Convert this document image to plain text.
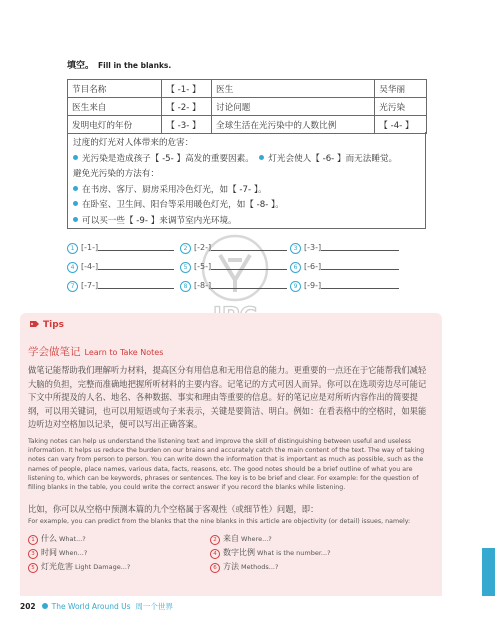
填空。 Fill in the blanks.
节目名称	【 -1- 】	医生	吴华丽
医生来自	【 -2- 】	讨论问题	光污染
发明电灯的年份	【 -3- 】	全球生活在光污染中的人数比例	【 -4- 】
过度的灯光对人体带来的危害：
光污染是造成孩子【 -5- 】高发的重要因素。 灯光会使人【 -6- 】而无法睡觉。
避免光污染的方法有：
在书房、客厅、厨房采用冷色灯光，如【 -7- 】。
在卧室、卫生间、阳台等采用暖色灯光，如【 -8- 】。
可以买一些【 -9- 】来调节室内光环境。
1 [-1-]	2 [-2-]	3 [-3-]
4 [-4-]	5 [-5-]	6 [-6-]
7 [-7-]	8 [-8-]	9 [-9-]
Tips
学会做笔记 Learn to Take Notes
做笔记能帮助我们理解听力材料，提高区分有用信息和无用信息的能力。更重要的一点还在于它能帮我们减轻大脑的负担，完整而准确地把握所听材料的主要内容。记笔记的方式可因人而异。你可以在选项旁边尽可能记下文中所提及的人名、地名、各种数据、事实和理由等重要的信息。好的笔记应是对所听内容作出的简要提纲，可以用关键词，也可以用短语或句子来表示，关键是要简洁、明白。例如：在看表格中的空格时，如果能边听边对空格加以记录，便可以写出正确答案。
Taking notes can help us understand the listening text and improve the skill of distinguishing between useful and useless information. It helps us reduce the burden on our brains and accurately catch the main content of the text. The way of taking notes can vary from person to person. You can write down the information that is important as much as possible, such as the names of people, place names, various data, facts, reasons, etc. The good notes should be a brief outline of what you are listening to, which can be keywords, phrases or sentences. The key is to be brief and clear. For example: for the question of filling blanks in the table, you could write the correct answer if you record the blanks while listening.
比如，你可以从空格中预测本篇的九个空格属于客观性（或细节性）问题，即：
For example, you can predict from the blanks that the nine blanks in this article are objectivity (or detail) issues, namely:
1 什么 What...?	2 来自 Where...?
3 时间 When...?	4 数字比例 What is the number...?
5 灯光危害 Light Damage...?	6 方法 Methods...?
202 The World Around Us 周一个世界
